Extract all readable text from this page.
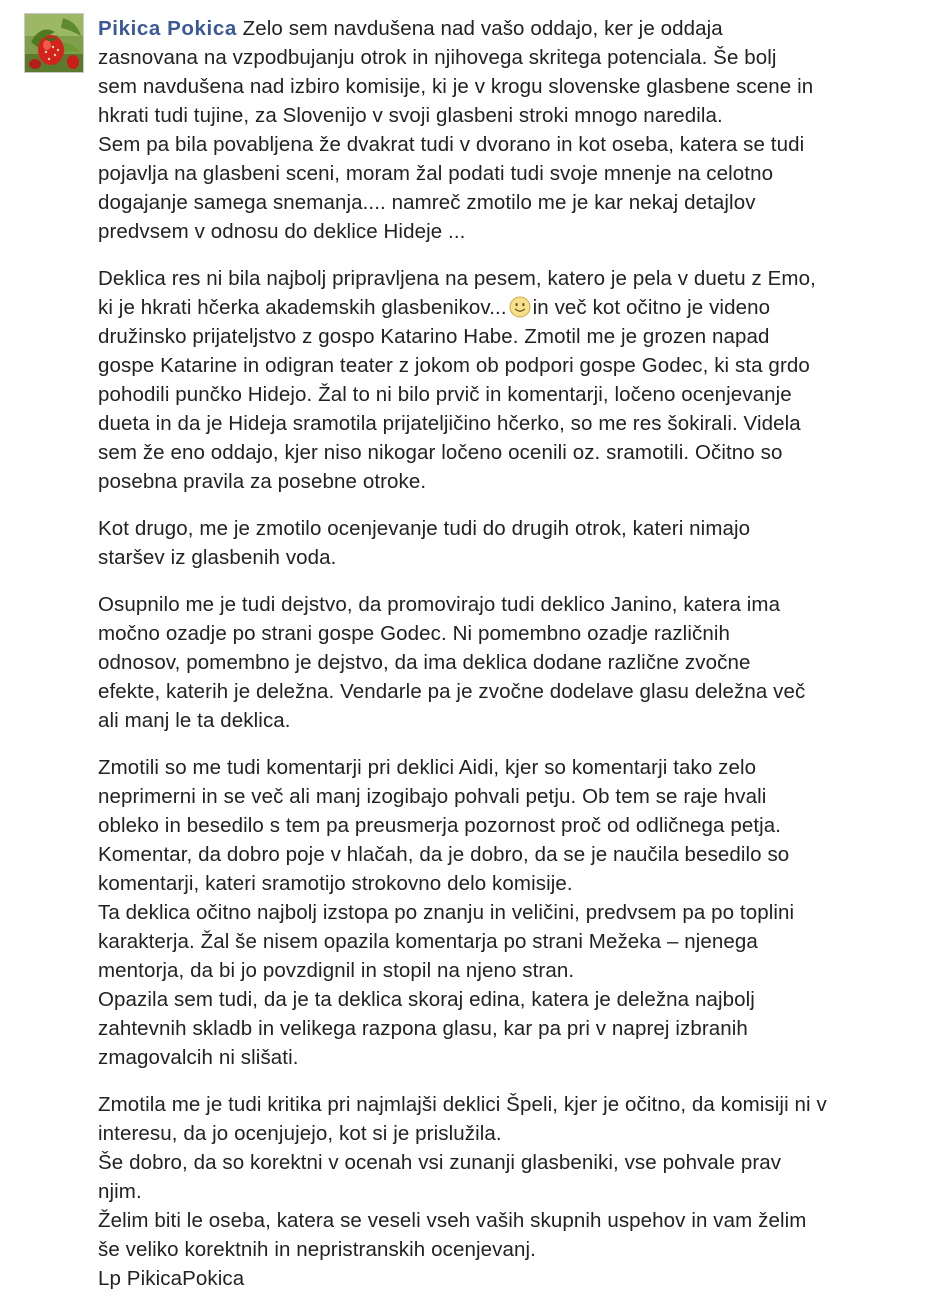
Pikica Pokica Zelo sem navdušena nad vašo oddajo, ker je oddaja
zasnovana na vzpodbujanju otrok in njihovega skritega potenciala. Še bolj
sem navdušena nad izbiro komisije, ki je v krogu slovenske glasbene scene in
hkrati tudi tujine, za Slovenijo v svoji glasbeni stroki mnogo naredila.
Sem pa bila povabljena že dvakrat tudi v dvorano in kot oseba, katera se tudi
pojavlja na glasbeni sceni, moram žal podati tudi svoje mnenje na celotno
dogajanje samega snemanja.... namreč zmotilo me je kar nekaj detajlov
predvsem v odnosu do deklice Hideje ...
Deklica res ni bila najbolj pripravljena na pesem, katero je pela v duetu z Emo,
ki je hkrati hčerka akademskih glasbenikov... in več kot očitno je videno
družinsko prijateljstvo z gospo Katarino Habe. Zmotil me je grozen napad
gospe Katarine in odigran teater z jokom ob podpori gospe Godec, ki sta grdo
pohodili punčko Hidejo. Žal to ni bilo prvič in komentarji, ločeno ocenjevanje
dueta in da je Hideja sramotila prijateljičino hčerko, so me res šokirali. Videla
sem že eno oddajo, kjer niso nikogar ločeno ocenili oz. sramotili. Očitno so
posebna pravila za posebne otroke.
Kot drugo, me je zmotilo ocenjevanje tudi do drugih otrok, kateri nimajo
staršev iz glasbenih voda.
Osupnilo me je tudi dejstvo, da promovirajo tudi deklico Janino, katera ima
močno ozadje po strani gospe Godec. Ni pomembno ozadje različnih
odnosov, pomembno je dejstvo, da ima deklica dodane različne zvočne
efekte, katerih je deležna. Vendarle pa je zvočne dodelave glasu deležna več
ali manj le ta deklica.
Zmotili so me tudi komentarji pri deklici Aidi, kjer so komentarji tako zelo
neprimerni in se več ali manj izogibajo pohvali petju. Ob tem se raje hvali
obleko in besedilo s tem pa preusmerja pozornost proč od odličnega petja.
Komentar, da dobro poje v hlačah, da je dobro, da se je naučila besedilo so
komentarji, kateri sramotijo strokovno delo komisije.
Ta deklica očitno najbolj izstopa po znanju in veličini, predvsem pa po toplini
karakterja. Žal še nisem opazila komentarja po strani Mežeka – njenega
mentorja, da bi jo povzdignil in stopil na njeno stran.
Opazila sem tudi, da je ta deklica skoraj edina, katera je deležna najbolj
zahtevnih skladb in velikega razpona glasu, kar pa pri v naprej izbranih
zmagovalcih ni slišati.
Zmotila me je tudi kritika pri najmlajši deklici Špeli, kjer je očitno, da komisiji ni v
interesu, da jo ocenjujejo, kot si je prislužila.
Še dobro, da so korektni v ocenah vsi zunanji glasbeniki, vse pohvale prav
njim.
Želim biti le oseba, katera se veseli vseh vaših skupnih uspehov in vam želim
še veliko korektnih in nepristranskih ocenjevanj.
Lp PikicaPokica
